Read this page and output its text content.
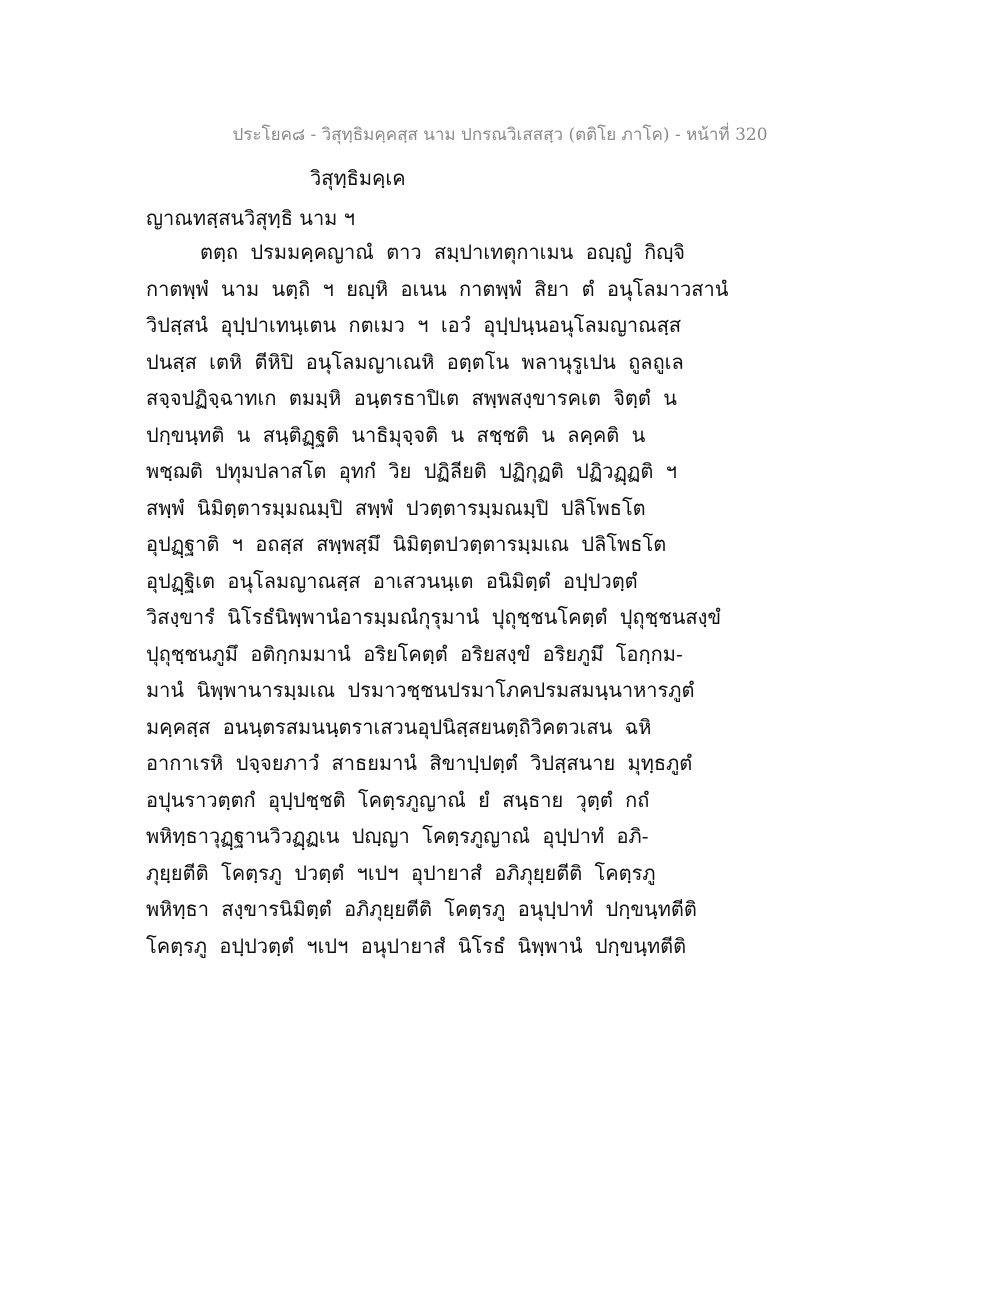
ประโยค๘ - วิสุทฺธิมคฺคสฺส นาม ปกรณวิเสสสฺว (ตติโย ภาโค) - หน้าที่ 320
วิสุทฺธิมคฺเค
ญาณทสฺสนวิสุทฺธิ นาม ฯ
ตตฺถ ปรมมคฺคญาณํ ตาว สมฺปาเทตุกาเมน อญฺญํ กิญฺจิ
กาตพฺพํ นาม นตฺถิ ฯ ยญฺหิ อเนน กาตพฺพํ สิยา ตํ อนุโลมาวสานํ
วิปสฺสนํ อุปฺปาเทนฺเตน กตเมว ฯ เอวํ อุปฺปนฺนอนุโลมญาณสฺส
ปนสฺส เตหิ ตีหิปิ อนุโลมญาเณหิ อตฺตโน พลานุรูเปน ถูลถูเล
สจฺจปฏิจฺฉาทเก ตมมฺหิ อนฺตรธาปิเต สพฺพสงฺขารคเต จิตฺตํ น
ปกฺขนฺทติ น สนฺติฏฺฐติ นาธิมุจฺจติ น สชฺชติ น ลคฺคติ น
พชฺฌติ ปทุมปลาสโต อุทกํ วิย ปฏิลียติ ปฏิกุฏติ ปฏิวฏฺฏติ ฯ
สพฺพํ นิมิตฺตารมฺมณมฺปิ สพฺพํ ปวตฺตารมฺมณมฺปิ ปลิโพธโต
อุปฏฺฐาติ ฯ อถสฺส สพฺพสฺมึ นิมิตฺตปวตฺตารมฺมเณ ปลิโพธโต
อุปฏฺฐิเต อนุโลมญาณสฺส อาเสวนนฺเต อนิมิตฺตํ อปฺปวตฺตํ
วิสงฺขารํ นิโรธํนิพฺพานํอารมฺมณํกุรุมานํ ปุถุชฺชนโคตฺตํ ปุถุชฺชนสงฺขํ
ปุถุชฺชนภูมึ อติกฺกมมานํ อริยโคตฺตํ อริยสงฺขํ อริยภูมึ โอกฺกม-
มานํ นิพฺพานารมฺมเณ ปรมาวชฺชนปรมาโภคปรมสมนฺนาหารภูตํ
มคฺคสฺส อนนฺตรสมนนฺตราเสวนอุปนิสฺสยนตฺถิวิคตวเสน ฉหิ
อากาเรหิ ปจฺจยภาวํ สาธยมานํ สิขาปฺปตฺตํ วิปสฺสนาย มุทฺธภูตํ
อปุนราวตฺตกํ อุปฺปชฺชติ โคตฺรภูญาณํ ยํ สนฺธาย วุตฺตํ กถํ
พหิทฺธาวุฏฺฐานวิวฏฺฏเน ปญฺญา โคตฺรภูญาณํ อุปฺปาทํ อภิ-
ภุยฺยตีติ โคตฺรภู ปวตฺตํ ฯเปฯ อุปายาสํ อภิภุยฺยตีติ โคตฺรภู
พหิทฺธา สงฺขารนิมิตฺตํ อภิภุยฺยตีติ โคตฺรภู อนุปฺปาทํ ปกฺขนฺทตีติ
โคตฺรภู อปฺปวตฺตํ ฯเปฯ อนุปายาสํ นิโรธํ นิพฺพานํ ปกฺขนฺทตีติ
